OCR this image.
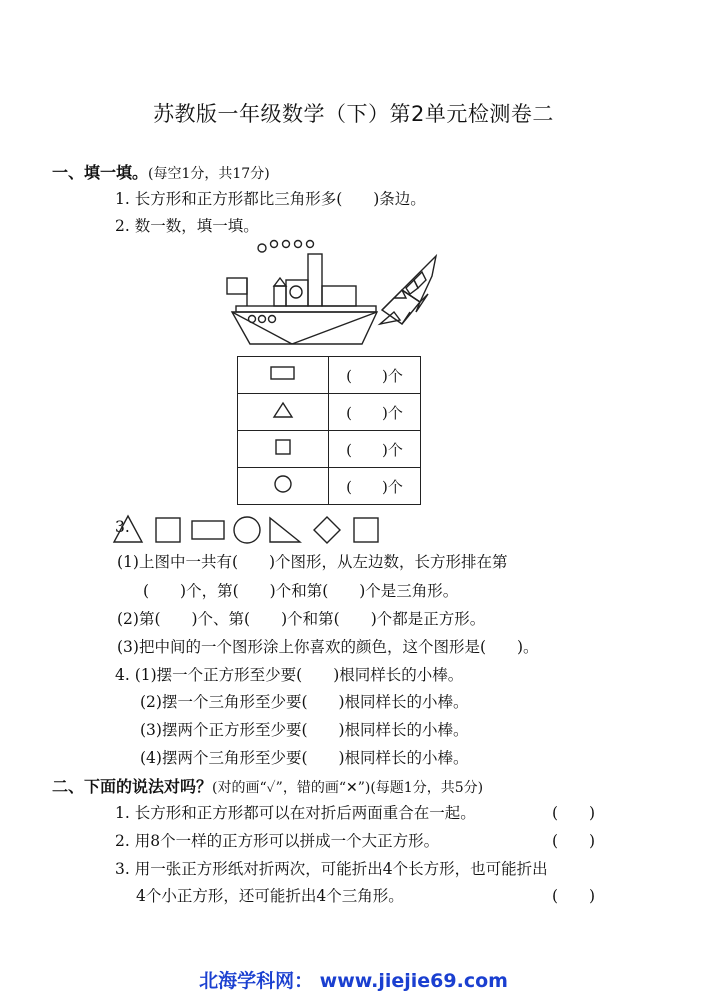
苏教版一年级数学（下）第2单元检测卷二
一、填一填。(每空1分，共17分)
1. 长方形和正方形都比三角形多(　　)条边。
2. 数一数，填一填。
	(　　)个
	(　　)个
	(　　)个
	(　　)个
3.
(1)上图中一共有(　　)个图形，从左边数，长方形排在第
(　　)个，第(　　)个和第(　　)个是三角形。
(2)第(　　)个、第(　　)个和第(　　)个都是正方形。
(3)把中间的一个图形涂上你喜欢的颜色，这个图形是(　　)。
4. (1)摆一个正方形至少要(　　)根同样长的小棒。
(2)摆一个三角形至少要(　　)根同样长的小棒。
(3)摆两个正方形至少要(　　)根同样长的小棒。
(4)摆两个三角形至少要(　　)根同样长的小棒。
二、下面的说法对吗？(对的画“✓”，错的画“✕”)(每题1分，共5分)
1. 长方形和正方形都可以在对折后两面重合在一起。	(　　)
2. 用8个一样的正方形可以拼成一个大正方形。	(　　)
3. 用一张正方形纸对折两次，可能折出4个长方形，也可能折出
4个小正方形，还可能折出4个三角形。	(　　)
北海学科网： www.jiejie69.com
